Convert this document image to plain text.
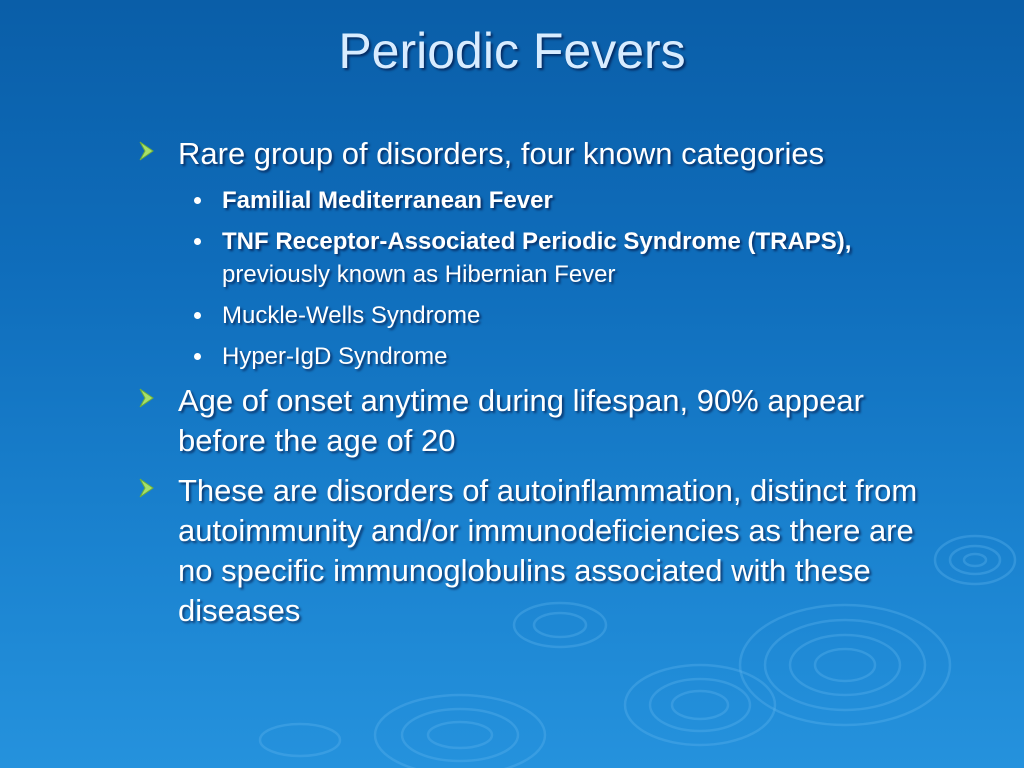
Periodic Fevers
Rare group of disorders, four known categories
Familial Mediterranean Fever
TNF Receptor-Associated Periodic Syndrome (TRAPS), previously known as Hibernian Fever
Muckle-Wells Syndrome
Hyper-IgD Syndrome
Age of onset anytime during lifespan, 90% appear before the age of 20
These are disorders of autoinflammation, distinct from autoimmunity and/or immunodeficiencies as there are no specific immunoglobulins associated with these diseases
